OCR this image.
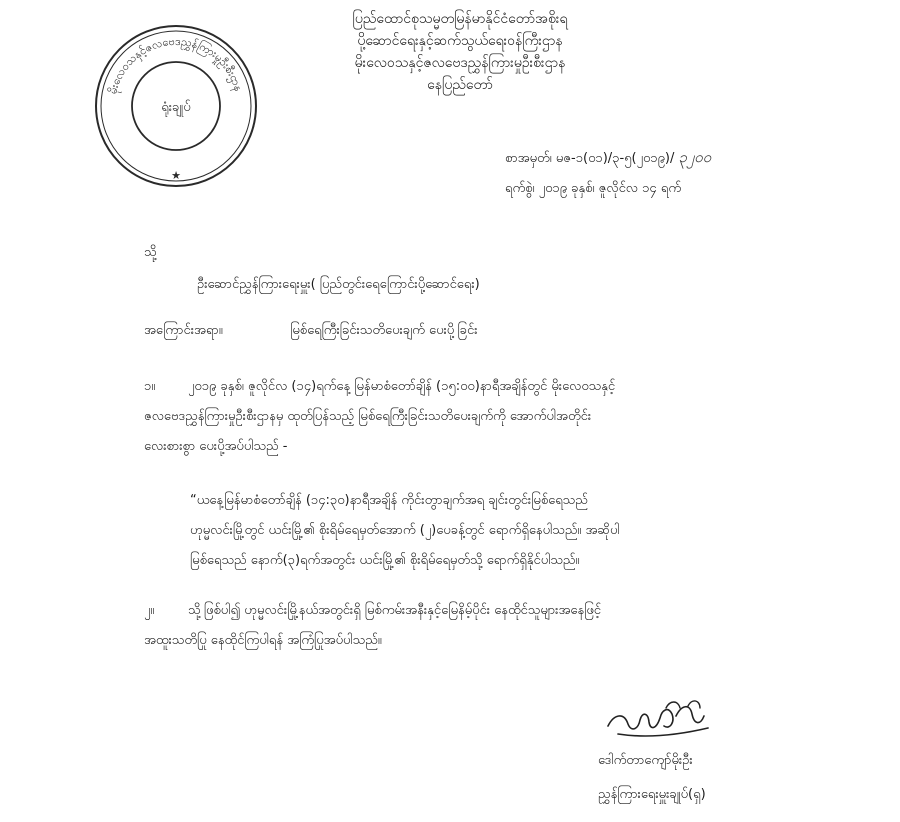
မိုးလေဝသနှင့်ဇလဗေဒညွှန်ကြားမှုဦးစီးဌာန
ရုံးချုပ်
★
ပြည်ထောင်စုသမ္မတမြန်မာနိုင်ငံတော်အစိုးရ
ပို့ဆောင်ရေးနှင့်ဆက်သွယ်ရေးဝန်ကြီးဌာန
မိုးလေဝသနှင့်ဇလဗေဒညွှန်ကြားမှုဦးစီးဌာန
နေပြည်တော်
စာအမှတ်၊ မဇ-၁(၀၁)/၃-၅(၂၀၁၉)/ ၃၂၀၀
ရက်စွဲ၊ ၂၀၁၉ ခုနှစ်၊ ဇူလိုင်လ ၁၄ ရက်
သို့
ဦးဆောင်ညွှန်ကြားရေးမှူး( ပြည်တွင်းရေကြောင်းပို့ဆောင်ရေး)
အကြောင်းအရာ။	မြစ်ရေကြီးခြင်းသတိပေးချက် ပေးပို့ခြင်း
၁။	၂၀၁၉ ခုနှစ်၊ ဇူလိုင်လ (၁၄)ရက်နေ့ မြန်မာစံတော်ချိန် (၁၅:၀၀)နာရီအချိန်တွင် မိုးလေဝသနှင့်
ဇလဗေဒညွှန်ကြားမှုဦးစီးဌာနမှ ထုတ်ပြန်သည့် မြစ်ရေကြီးခြင်းသတိပေးချက်ကို အောက်ပါအတိုင်း
လေးစားစွာ ပေးပို့အပ်ပါသည် -
“ယနေ့မြန်မာစံတော်ချိန် (၁၄:၃၀)နာရီအချိန် ကိုင်းတွာချက်အရ ချင်းတွင်းမြစ်ရေသည်
ဟုမ္မလင်းမြို့တွင် ယင်းမြို့၏ စိုးရိမ်ရေမှတ်အောက် (၂)ပေခန့်တွင် ရောက်ရှိနေပါသည်။ အဆိုပါ
မြစ်ရေသည် နောက်(၃)ရက်အတွင်း ယင်းမြို့၏ စိုးရိမ်ရေမှတ်သို့ ရောက်ရှိနိုင်ပါသည်။
၂။	သို့ဖြစ်ပါ၍ ဟုမ္မလင်းမြို့နယ်အတွင်းရှိ မြစ်ကမ်းအနီးနှင့်မြေနိမ့်ပိုင်း နေထိုင်သူများအနေဖြင့်
အထူးသတိပြု နေထိုင်ကြပါရန် အကြံပြုအပ်ပါသည်။
ဒေါက်တာကျော်မိုးဦး
ညွှန်ကြားရေးမှူးချုပ်(ရှ)
